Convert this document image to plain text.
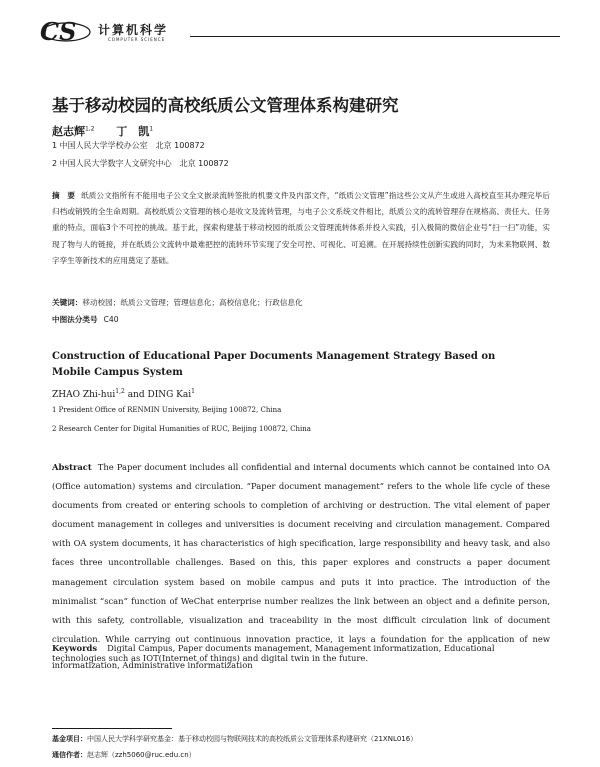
CS 计算机科学
COMPUTER SCIENCE
基于移动校园的高校纸质公文管理体系构建研究
赵志辉$^{1,2}$ 丁　凯$^1$
1 中国人民大学学校办公室　北京 100872
2 中国人民大学数字人文研究中心　北京 100872
摘　要 纸质公文指所有不能用电子公文全文嵌录流转签批的机要文件及内部文件，“纸质公文管理”指这些公文从产生或进入高校直至其办理完毕后归档或销毁的全生命周期。高校纸质公文管理的核心是收文及流转管理，与电子公文系统文件相比，纸质公文的流转管理存在规格高、责任大、任务重的特点，面临3个不可控的挑战。基于此，探索构建基于移动校园的纸质公文管理流转体系并投入实践，引入极简的微信企业号“扫一扫”功能，实现了物与人的链接，并在纸质公文流转中最难把控的流转环节实现了安全可控、可视化、可追溯。在开展持续性创新实践的同时，为未来物联网、数字孪生等新技术的应用奠定了基础。
关键词：移动校园；纸质公文管理；管理信息化；高校信息化；行政信息化
中图法分类号 C40
Construction of Educational Paper Documents Management Strategy Based on Mobile Campus System
ZHAO Zhi-hui$^{1,2}$ and DING Kai$^1$
1 President Office of RENMIN University, Beijing 100872, China
2 Research Center for Digital Humanities of RUC, Beijing 100872, China
Abstract The Paper document includes all confidential and internal documents which cannot be contained into OA (Office automation) systems and circulation. “Paper document management” refers to the whole life cycle of these documents from created or entering schools to completion of archiving or destruction. The vital element of paper document management in colleges and universities is document receiving and circulation management. Compared with OA system documents, it has characteristics of high specification, large responsibility and heavy task, and also faces three uncontrollable challenges. Based on this, this paper explores and constructs a paper document management circulation system based on mobile campus and puts it into practice. The introduction of the minimalist “scan” function of WeChat enterprise number realizes the link between an object and a definite person, with this safety, controllable, visualization and traceability in the most difficult circulation link of document circulation. While carrying out continuous innovation practice, it lays a foundation for the application of new technologies such as IOT(Internet of things) and digital twin in the future.
Keywords Digital Campus, Paper documents management, Management informatization, Educational informatization, Administrative informatization
基金项目：中国人民大学科学研究基金：基于移动校园与物联网技术的高校纸质公文管理体系构建研究（21XNL016）
通信作者：赵志辉（zzh5060@ruc.edu.cn）
